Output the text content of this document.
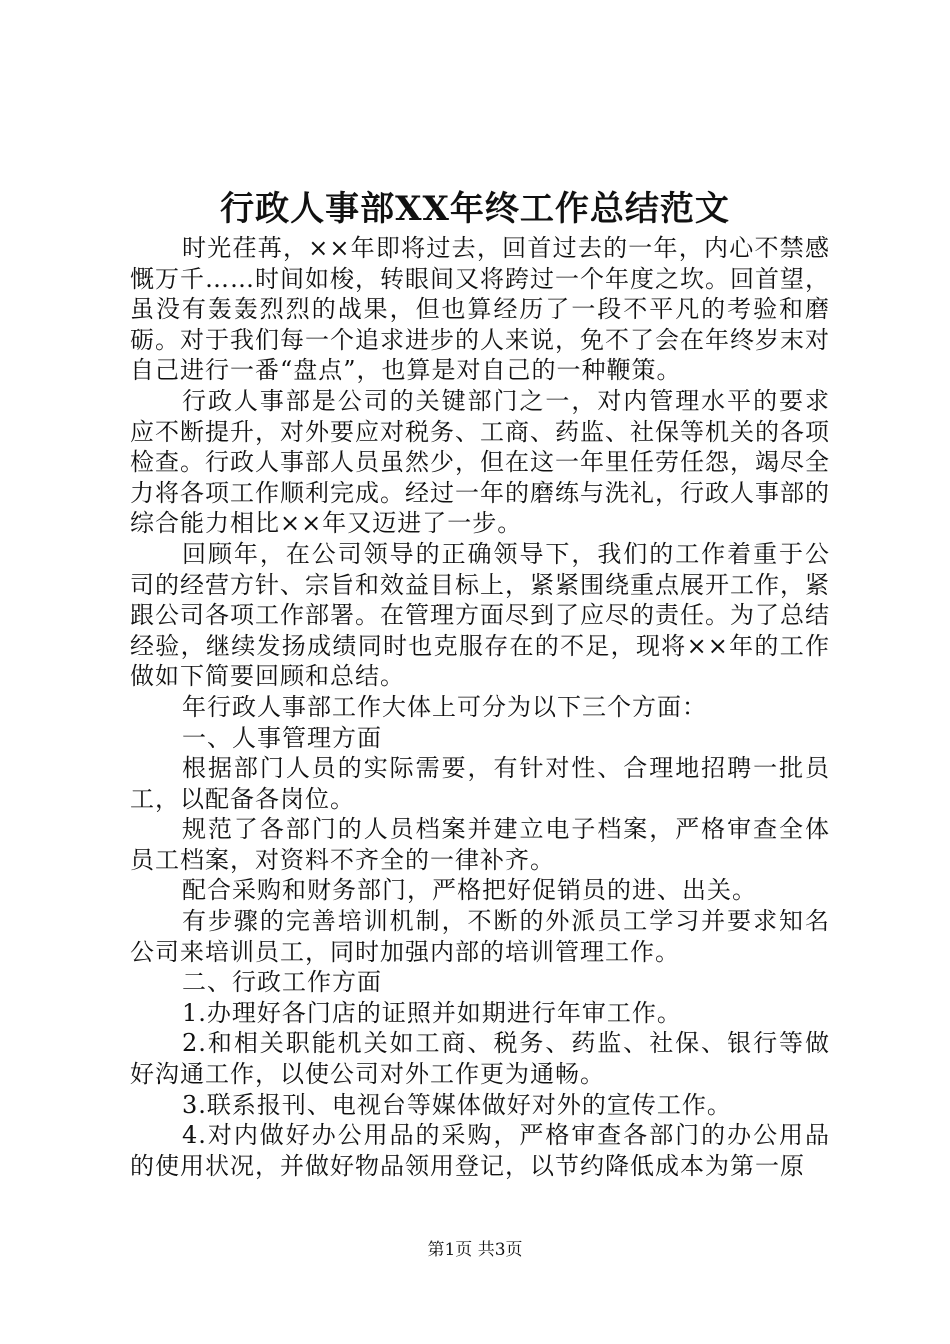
行政人事部XX年终工作总结范文

时光荏苒，××年即将过去，回首过去的一年，内心不禁感慨万千……时间如梭，转眼间又将跨过一个年度之坎。回首望，虽没有轰轰烈烈的战果，但也算经历了一段不平凡的考验和磨砺。对于我们每一个追求进步的人来说，免不了会在年终岁末对自己进行一番“盘点”，也算是对自己的一种鞭策。

行政人事部是公司的关键部门之一，对内管理水平的要求应不断提升，对外要应对税务、工商、药监、社保等机关的各项检查。行政人事部人员虽然少，但在这一年里任劳任怨，竭尽全力将各项工作顺利完成。经过一年的磨练与洗礼，行政人事部的综合能力相比××年又迈进了一步。

回顾年，在公司领导的正确领导下，我们的工作着重于公司的经营方针、宗旨和效益目标上，紧紧围绕重点展开工作，紧跟公司各项工作部署。在管理方面尽到了应尽的责任。为了总结经验，继续发扬成绩同时也克服存在的不足，现将××年的工作做如下简要回顾和总结。

年行政人事部工作大体上可分为以下三个方面：

一、人事管理方面

根据部门人员的实际需要，有针对性、合理地招聘一批员工，以配备各岗位。

规范了各部门的人员档案并建立电子档案，严格审查全体员工档案，对资料不齐全的一律补齐。

配合采购和财务部门，严格把好促销员的进、出关。

有步骤的完善培训机制，不断的外派员工学习并要求知名公司来培训员工，同时加强内部的培训管理工作。

二、行政工作方面

1.办理好各门店的证照并如期进行年审工作。

2.和相关职能机关如工商、税务、药监、社保、银行等做好沟通工作，以使公司对外工作更为通畅。

3.联系报刊、电视台等媒体做好对外的宣传工作。

4.对内做好办公用品的采购，严格审查各部门的办公用品的使用状况，并做好物品领用登记，以节约降低成本为第一原

第1页 共3页
